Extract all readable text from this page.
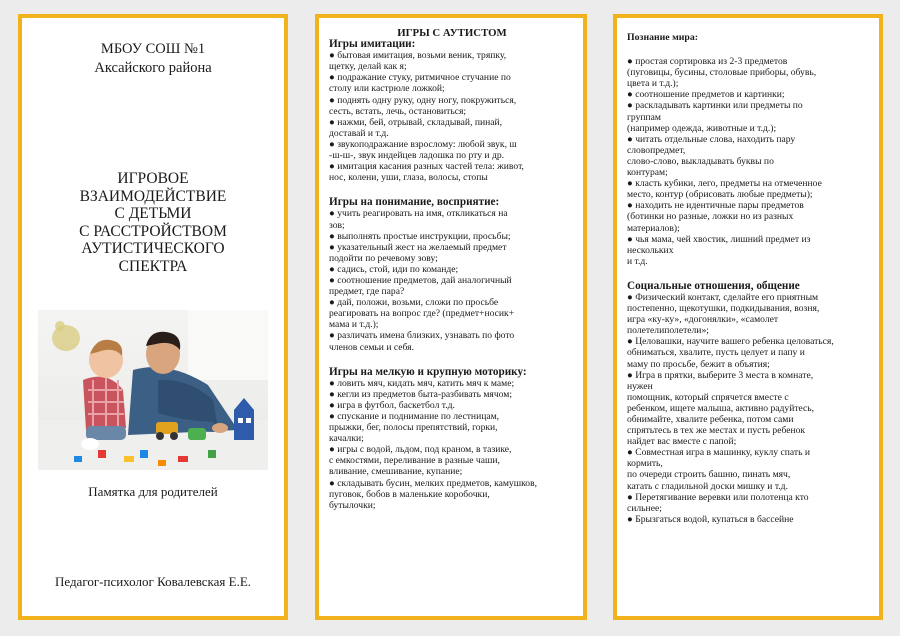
МБОУ СОШ №1
Аксайского района
ИГРОВОЕ
ВЗАИМОДЕЙСТВИЕ
С ДЕТЬМИ
С РАССТРОЙСТВОМ
АУТИСТИЧЕСКОГО
СПЕКТРА
Памятка для родителей
Педагог-психолог Ковалевская Е.Е.

ИГРЫ С АУТИСТОМ

Игры имитации:

● бытовая имитация, возьми веник, тряпку,

щетку, делай как я;

● подражание стуку, ритмичное стучание по

столу или кастрюле ложкой;

● поднять одну руку, одну ногу, покружиться,

сесть, встать, лечь, остановиться;

● нажми, бей, отрывай, складывай, пинай,

доставай и т.д.

● звукоподражание взрослому: любой звук, ш

-ш-ш-, звук индейцев ладошка по рту и др.

● имитация касания разных частей тела: живот,

нос, колени, уши, глаза, волосы, стопы

Игры на понимание, восприятие:

● учить реагировать на имя, откликаться на

зов;

● выполнять простые инструкции, просьбы;

● указательный жест на желаемый предмет

подойти по речевому зову;

● садись, стой, иди по команде;

● соотношение предметов, дай аналогичный

предмет, где пара?

● дай, положи, возьми, сложи по просьбе

реагировать на вопрос где? (предмет+носик+

мама и т.д.);

● различать имена близких, узнавать по фото

членов семьи и себя.

Игры на мелкую и крупную моторику:

● ловить мяч, кидать мяч, катить мяч к маме;

● кегли из предметов быта-разбивать мячом;

● игра в футбол, баскетбол т.д.

● спускание и поднимание по лестницам,

прыжки, бег, полосы препятствий, горки,

качалки;

● игры с водой, льдом, под краном, в тазике,

с емкостями, переливание в разные чаши,

вливание, смешивание, купание;

● складывать бусин, мелких предметов, камушков,

пуговок, бобов в маленькие коробочки,

бутылочки;

Познание мира:

● простая сортировка из 2-3 предметов

(пуговицы, бусины, столовые приборы, обувь,

цвета и т.д.);

● соотношение предметов и картинки;

● раскладывать картинки или предметы по

группам

(например одежда, животные и т.д.);

● читать отдельные слова, находить пару

словопредмет,

слово-слово, выкладывать буквы по

контурам;

● класть кубики, лего, предметы на отмеченное

место, контур (обрисовать любые предметы);

● находить не идентичные пары предметов

(ботинки но разные, ложки но из разных

материалов);

● чья мама, чей хвостик, лишний предмет из

нескольких

и т.д.

Социальные отношения, общение

● Физический контакт, сделайте его приятным

постепенно, щекотушки, подкидывания, возня,

игра «ку-ку», «догонялки», «самолет

полетелиполетели»;

● Целовашки, научите вашего ребенка целоваться,

обниматься, хвалите, пусть целует и папу и

маму по просьбе, бежит в объятия;

● Игра в прятки, выберите 3 места в комнате,

нужен

помощник, который спрячется вместе с

ребенком, ищете малыша, активно радуйтесь,

обнимайте, хвалите ребенка, потом сами

спрятьтесь в тех же местах и пусть ребенок

найдет вас вместе с папой;

● Совместная игра в машинку, куклу спать и

кормить,

по очереди строить башню, пинать мяч,

катать с гладильной доски мишку и т.д.

● Перетягивание веревки или полотенца кто

сильнее;

● Брызгаться водой, купаться в бассейне
